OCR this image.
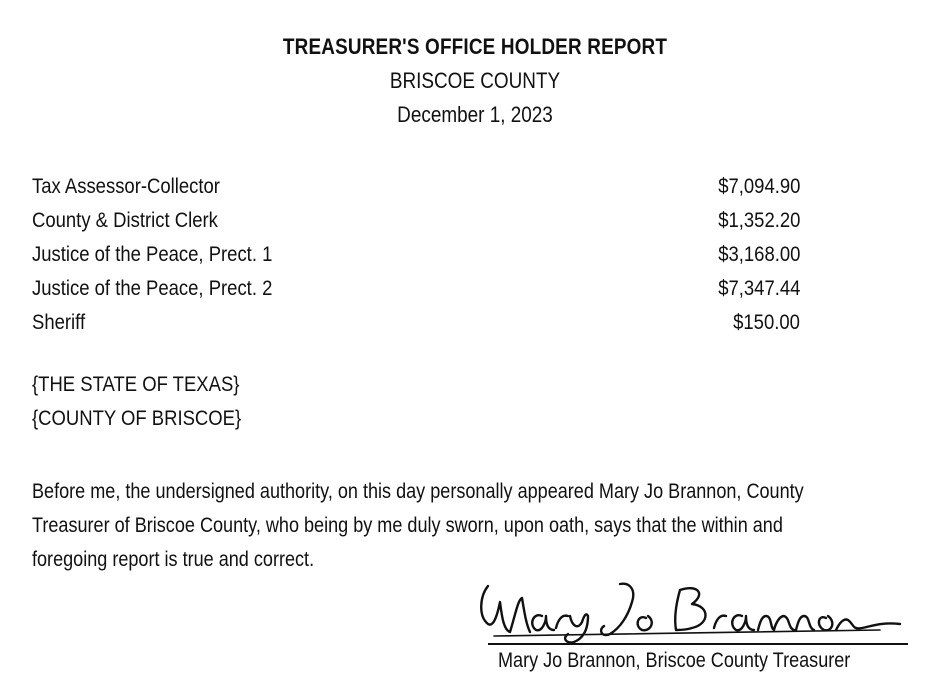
TREASURER'S OFFICE HOLDER REPORT
BRISCOE COUNTY
December 1, 2023
Tax Assessor-Collector	$7,094.90
County & District Clerk	$1,352.20
Justice of the Peace, Prect. 1	$3,168.00
Justice of the Peace, Prect. 2	$7,347.44
Sheriff	$150.00
{THE STATE OF TEXAS}
{COUNTY OF BRISCOE}
Before me, the undersigned authority, on this day personally appeared Mary Jo Brannon, County
Treasurer of Briscoe County, who being by me duly sworn, upon oath, says that the within and
foregoing report is true and correct.
Mary Jo Brannon, Briscoe County Treasurer
